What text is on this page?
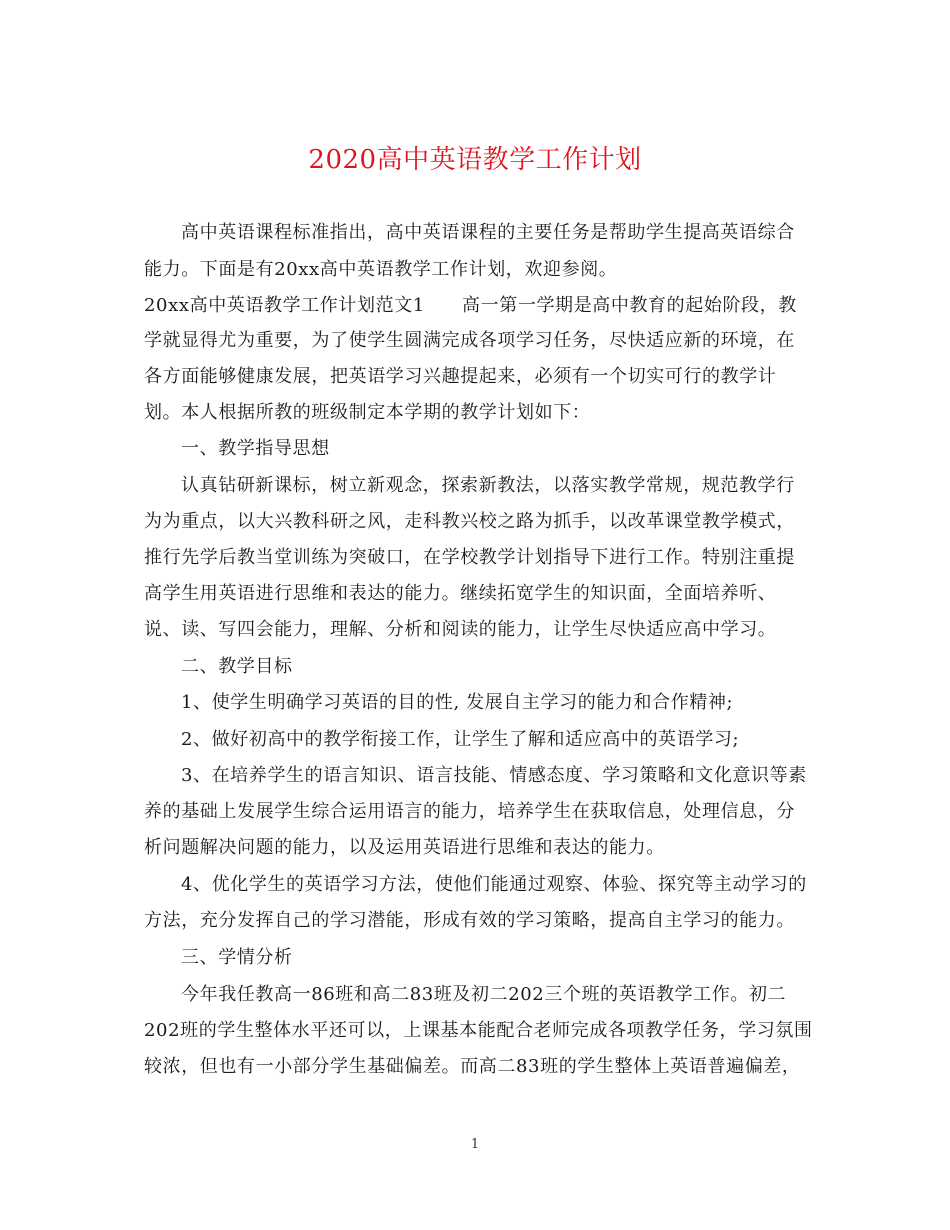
2020高中英语教学工作计划
高中英语课程标准指出，高中英语课程的主要任务是帮助学生提高英语综合
能力。下面是有20xx高中英语教学工作计划，欢迎参阅。
20xx高中英语教学工作计划范文1　　高一第一学期是高中教育的起始阶段，教
学就显得尤为重要，为了使学生圆满完成各项学习任务，尽快适应新的环境，在
各方面能够健康发展，把英语学习兴趣提起来，必须有一个切实可行的教学计
划。本人根据所教的班级制定本学期的教学计划如下：
一、教学指导思想
认真钻研新课标，树立新观念，探索新教法，以落实教学常规，规范教学行
为为重点，以大兴教科研之风，走科教兴校之路为抓手，以改革课堂教学模式，
推行先学后教当堂训练为突破口，在学校教学计划指导下进行工作。特别注重提
高学生用英语进行思维和表达的能力。继续拓宽学生的知识面，全面培养听、
说、读、写四会能力，理解、分析和阅读的能力，让学生尽快适应高中学习。
二、教学目标
1、使学生明确学习英语的目的性, 发展自主学习的能力和合作精神;
2、做好初高中的教学衔接工作，让学生了解和适应高中的英语学习;
3、在培养学生的语言知识、语言技能、情感态度、学习策略和文化意识等素
养的基础上发展学生综合运用语言的能力，培养学生在获取信息，处理信息，分
析问题解决问题的能力，以及运用英语进行思维和表达的能力。
4、优化学生的英语学习方法，使他们能通过观察、体验、探究等主动学习的
方法，充分发挥自己的学习潜能，形成有效的学习策略，提高自主学习的能力。
三、学情分析
今年我任教高一86班和高二83班及初二202三个班的英语教学工作。初二
202班的学生整体水平还可以，上课基本能配合老师完成各项教学任务，学习氛围
较浓，但也有一小部分学生基础偏差。而高二83班的学生整体上英语普遍偏差，
1
